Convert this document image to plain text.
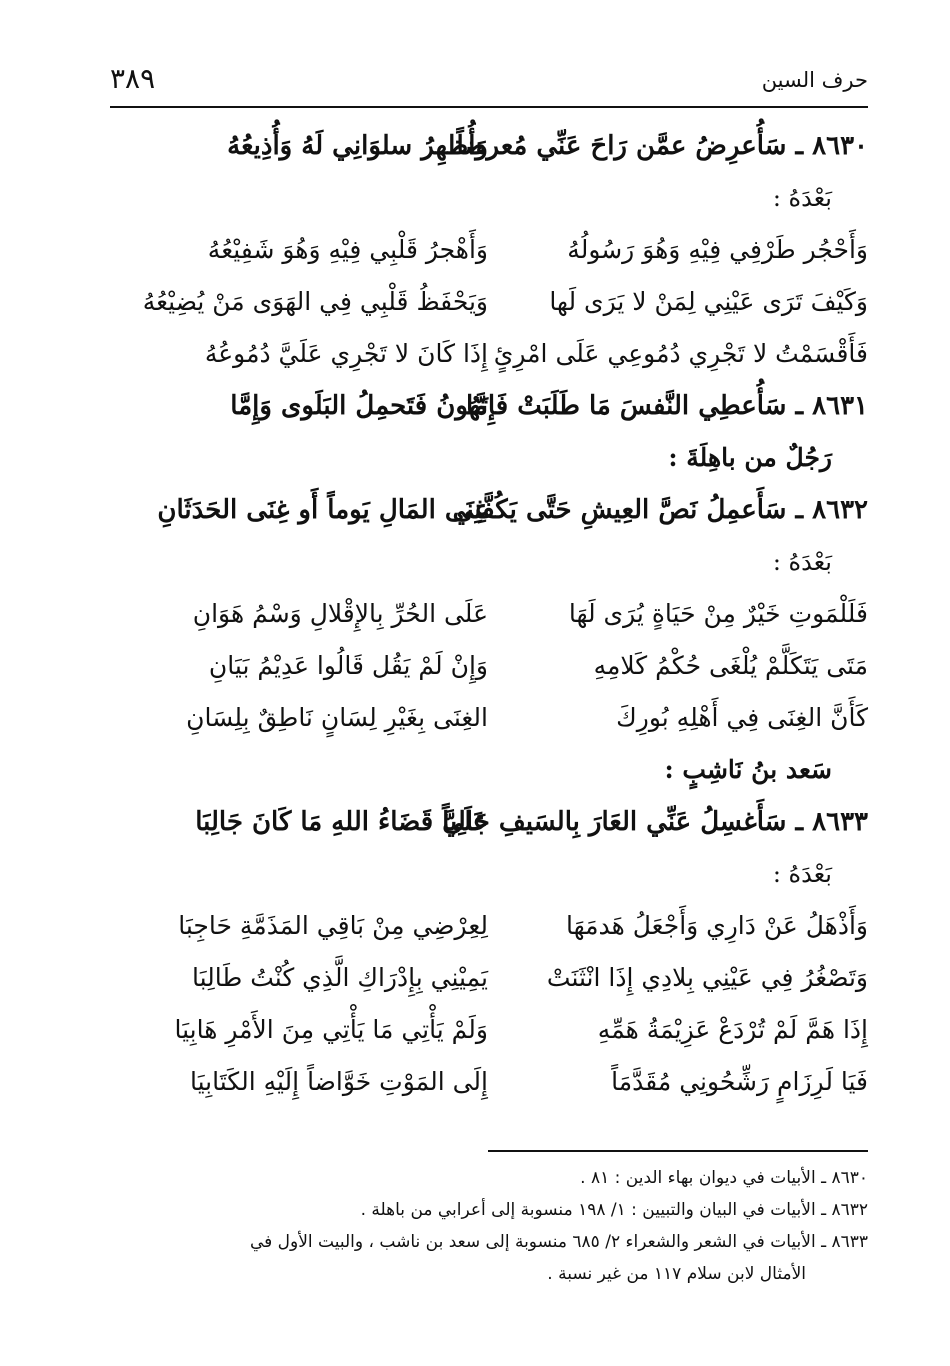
حرف السين
٣٨٩
٨٦٣٠ ـ سَأُعرِضُ عمَّن رَاحَ عَنِّي مُعرضاً
وَأُظهِرُ سلوَانِي لَهُ وَأُذِيعُهُ
بَعْدَهُ :
وَأَحْجُر طَرْفِي فِيْهِ وَهُوَ رَسُولُهُ
وَأَهْجرُ قَلْبِي فِيْهِ وَهُوَ شَفِيْعُهُ
وَكَيْفَ تَرَى عَيْنِي لِمَنْ لا يَرَى لَها
وَيَحْفَظُ قَلْبِي فِي الهَوَى مَنْ يُضِيْعُهُ
فَأَقْسَمْتُ لا تَجْرِي دُمُوعِي عَلَى امْرِئٍ
إِذَا كَانَ لا تَجْرِي عَلَيَّ دُمُوعُهُ
٨٦٣١ ـ سَأُعطِي النَّفسَ مَا طَلَبَتْ فَإِمَّا
تَهُونُ فَتَحمِلُ البَلَوى وَإِمَّا
رَجُلٌ من باهِلَةَ :
٨٦٣٢ ـ سَأَعمِلُ نَصَّ العِيشِ حَتَّى يَكُفَّنِي
غِنَى المَالِ يَوماً أَو غِنَى الحَدَثَانِ
بَعْدَهُ :
فَلَلْمَوتِ خَيْرٌ مِنْ حَيَاةٍ يُرَى لَهَا
عَلَى الحُرِّ بِالإِقْلالِ وَسْمُ هَوَانِ
مَتَى يَتَكَلَّمْ يُلْغَى حُكْمُ كَلامِهِ
وَإِنْ لَمْ يَقُل قَالُوا عَدِيْمُ بَيَانِ
كَأَنَّ الغِنَى فِي أَهْلِهِ بُورِكَ
الغِنَى بِغَيْرِ لِسَانٍ نَاطِقٌ بِلِسَانِ
سَعد بنُ نَاشِبٍ :
٨٦٣٣ ـ سَأَغسِلُ عَنِّي العَارَ بِالسَيفِ جَالِباً
عَلَيَّ قَضَاءُ اللهِ مَا كَانَ جَالِبَا
بَعْدَهُ :
وَأَذْهَلُ عَنْ دَارِي وَأَجْعَلُ هَدمَهَا
لِعِرْضِي مِنْ بَاقِي المَذَمَّةِ حَاجِبَا
وَتَصْغُرُ فِي عَيْنِي بِلادِي إِذَا انْثَنَتْ
يَمِيْنِي بِإِدْرَاكِ الَّذِي كُنْتُ طَالِبَا
إِذَا هَمَّ لَمْ تُرْدَعْ عَزِيْمَةُ هَمِّهِ
وَلَمْ يَأْتِي مَا يَأْتِي مِنَ الأَمْرِ هَابِيَا
فَيَا لَرِزَامٍ رَشِّحُونِي مُقَدَّمَاً
إِلَى المَوْتِ خَوَّاضاً إِلَيْهِ الكَتَابِيَا
٨٦٣٠ ـ الأبيات في ديوان بهاء الدين : ٨١ .
٨٦٣٢ ـ الأبيات في البيان والتبيين : ١/ ١٩٨ منسوبة إلى أعرابي من باهلة .
٨٦٣٣ ـ الأبيات في الشعر والشعراء ٢/ ٦٨٥ منسوبة إلى سعد بن ناشب ، والبيت الأول في
الأمثال لابن سلام ١١٧ من غير نسبة .
